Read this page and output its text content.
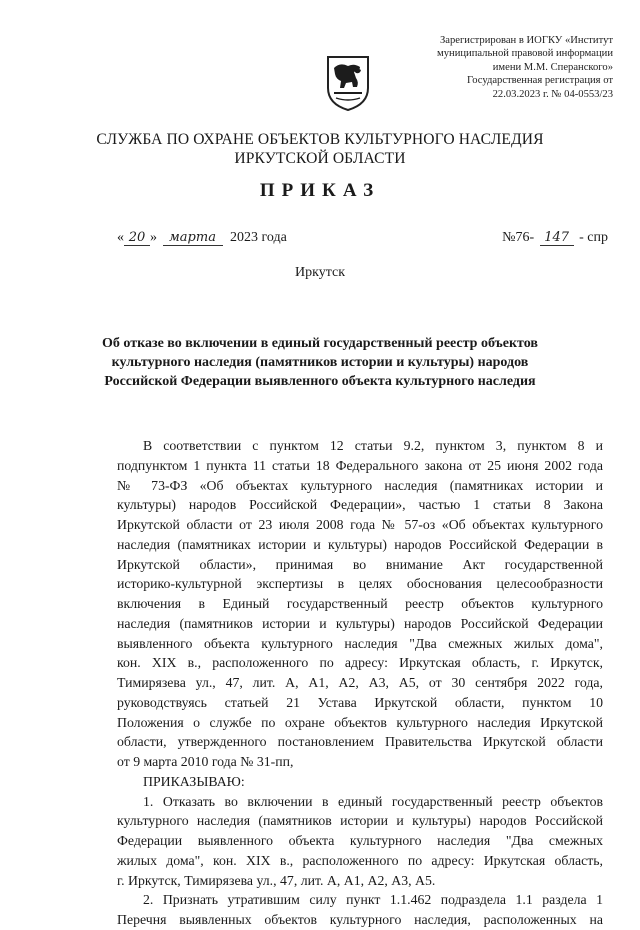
Зарегистрирован в ИОГКУ «Институт
муниципальной правовой информации
имени М.М. Сперанского»
Государственная регистрация от
22.03.2023 г. № 04-0553/23
СЛУЖБА ПО ОХРАНЕ ОБЪЕКТОВ КУЛЬТУРНОГО НАСЛЕДИЯ
ИРКУТСКОЙ ОБЛАСТИ
ПРИКАЗ
« 20 » марта 2023 года	№76- 147 - спр
Иркутск
Об отказе во включении в единый государственный реестр объектов
культурного наследия (памятников истории и культуры) народов
Российской Федерации выявленного объекта культурного наследия
В соответствии с пунктом 12 статьи 9.2, пунктом 3, пунктом 8 и
подпунктом 1 пункта 11 статьи 18 Федерального закона от 25 июня 2002 года
№ 73-ФЗ «Об объектах культурного наследия (памятниках истории и
культуры) народов Российской Федерации», частью 1 статьи 8 Закона
Иркутской области от 23 июля 2008 года № 57-оз «Об объектах культурного
наследия (памятниках истории и культуры) народов Российской Федерации в
Иркутской области», принимая во внимание Акт государственной
историко-культурной экспертизы в целях обоснования целесообразности
включения в Единый государственный реестр объектов культурного
наследия (памятников истории и культуры) народов Российской Федерации
выявленного объекта культурного наследия "Два смежных жилых дома",
кон. XIX в., расположенного по адресу: Иркутская область, г. Иркутск,
Тимирязева ул., 47, лит. А, А1, А2, А3, А5, от 30 сентября 2022 года,
руководствуясь статьей 21 Устава Иркутской области, пунктом 10
Положения о службе по охране объектов культурного наследия Иркутской
области, утвержденного постановлением Правительства Иркутской области
от 9 марта 2010 года № 31-пп,
ПРИКАЗЫВАЮ:
1. Отказать во включении в единый государственный реестр объектов
культурного наследия (памятников истории и культуры) народов Российской
Федерации выявленного объекта культурного наследия "Два смежных
жилых дома", кон. XIX в., расположенного по адресу: Иркутская область,
г. Иркутск, Тимирязева ул., 47, лит. А, А1, А2, А3, А5.
2. Признать утратившим силу пункт 1.1.462 подраздела 1.1 раздела 1
Перечня выявленных объектов культурного наследия, расположенных на
